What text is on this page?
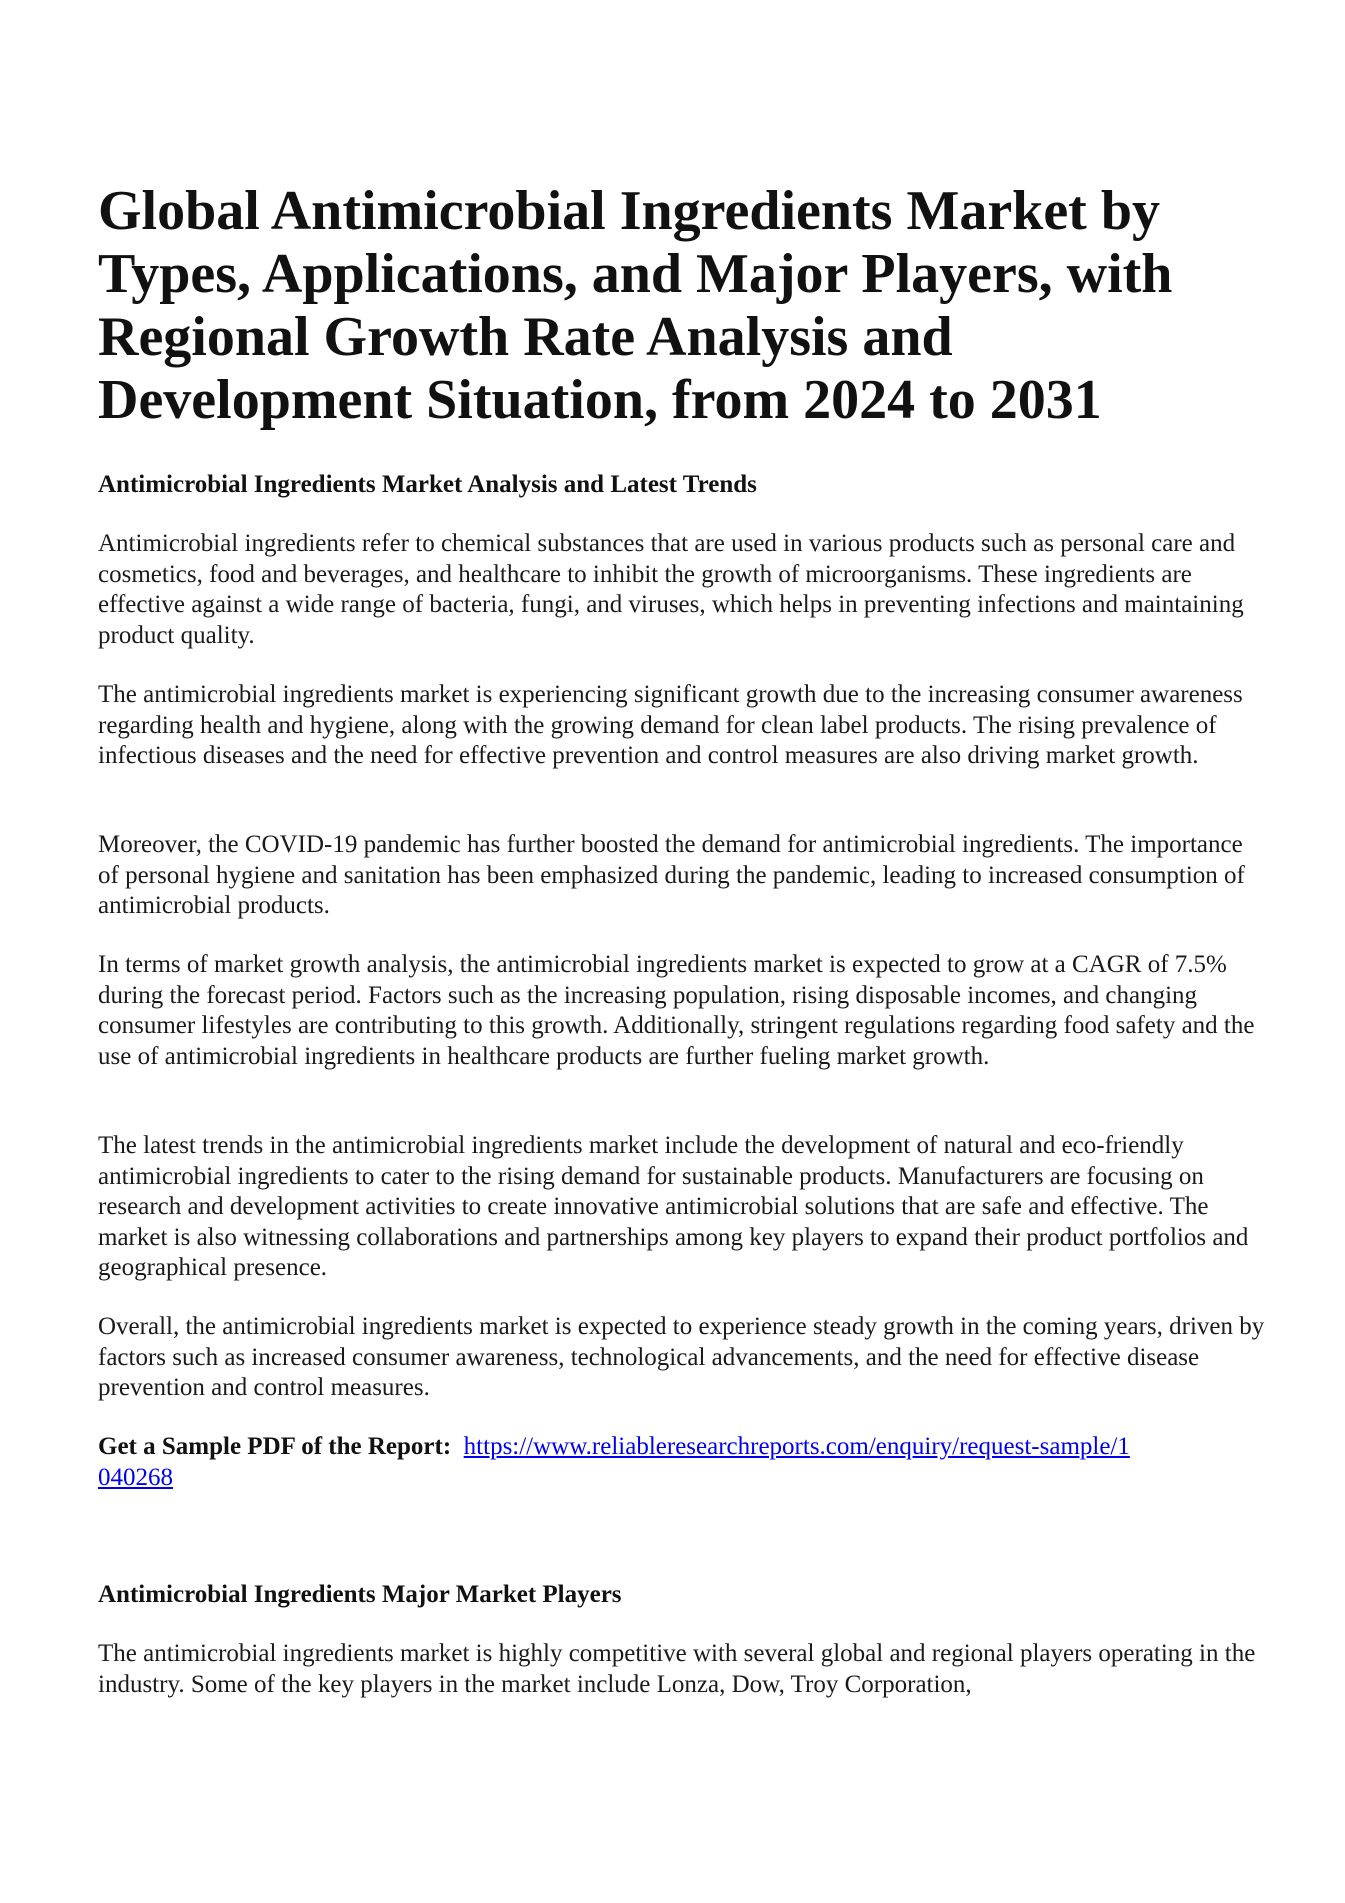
Global Antimicrobial Ingredients Market by Types, Applications, and Major Players, with Regional Growth Rate Analysis and Development Situation, from 2024 to 2031
Antimicrobial Ingredients Market Analysis and Latest Trends

Antimicrobial ingredients refer to chemical substances that are used in various products such as personal care and cosmetics, food and beverages, and healthcare to inhibit the growth of microorganisms. These ingredients are effective against a wide range of bacteria, fungi, and viruses, which helps in preventing infections and maintaining product quality.

The antimicrobial ingredients market is experiencing significant growth due to the increasing consumer awareness regarding health and hygiene, along with the growing demand for clean label products. The rising prevalence of infectious diseases and the need for effective prevention and control measures are also driving market growth.

Moreover, the COVID-19 pandemic has further boosted the demand for antimicrobial ingredients. The importance of personal hygiene and sanitation has been emphasized during the pandemic, leading to increased consumption of antimicrobial products.

In terms of market growth analysis, the antimicrobial ingredients market is expected to grow at a CAGR of 7.5% during the forecast period. Factors such as the increasing population, rising disposable incomes, and changing consumer lifestyles are contributing to this growth. Additionally, stringent regulations regarding food safety and the use of antimicrobial ingredients in healthcare products are further fueling market growth.

The latest trends in the antimicrobial ingredients market include the development of natural and eco-friendly antimicrobial ingredients to cater to the rising demand for sustainable products. Manufacturers are focusing on research and development activities to create innovative antimicrobial solutions that are safe and effective. The market is also witnessing collaborations and partnerships among key players to expand their product portfolios and geographical presence.

Overall, the antimicrobial ingredients market is expected to experience steady growth in the coming years, driven by factors such as increased consumer awareness, technological advancements, and the need for effective disease prevention and control measures.

Get a Sample PDF of the Report: https://www.reliableresearchreports.com/enquiry/request-sample/1040268

Antimicrobial Ingredients Major Market Players

The antimicrobial ingredients market is highly competitive with several global and regional players operating in the industry. Some of the key players in the market include Lonza, Dow, Troy Corporation,
